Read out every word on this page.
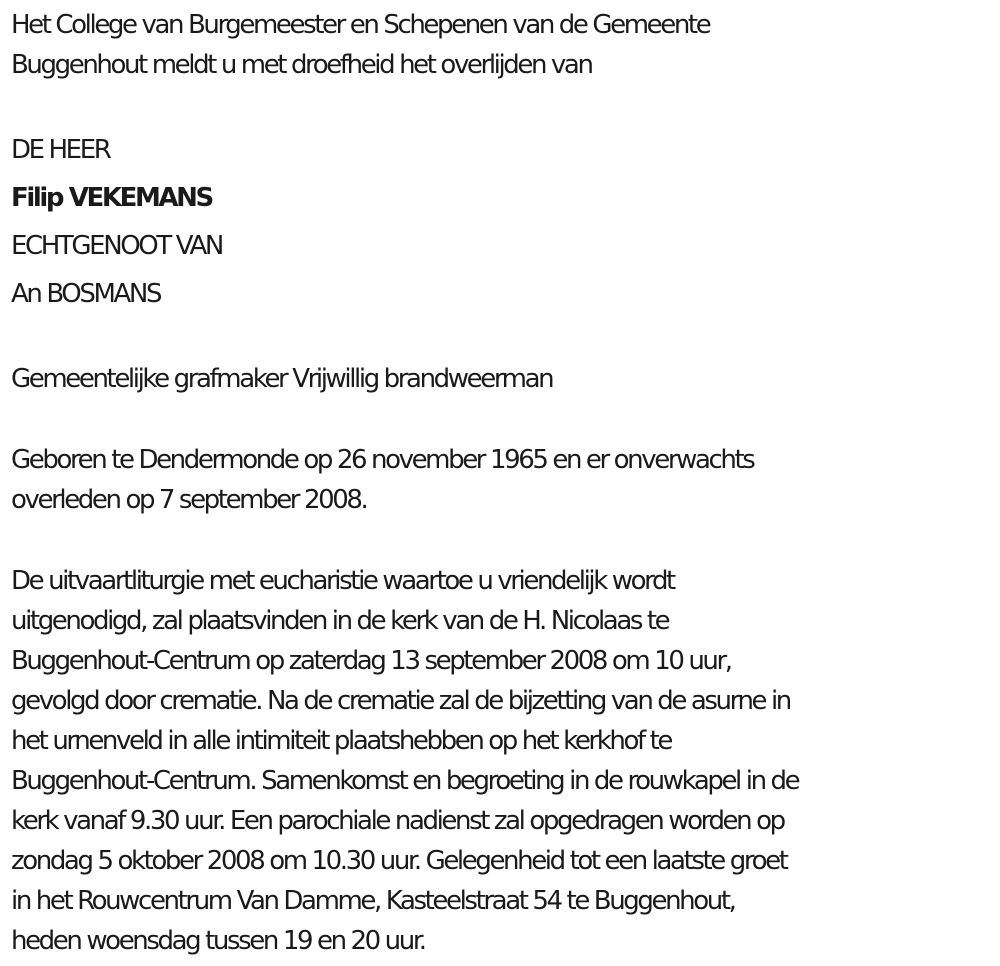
Het College van Burgemeester en Schepenen van de Gemeente
Buggenhout meldt u met droefheid het overlijden van
DE HEER
Filip VEKEMANS
ECHTGENOOT VAN
An BOSMANS
Gemeentelijke grafmaker Vrijwillig brandweerman
Geboren te Dendermonde op 26 november 1965 en er onverwachts
overleden op 7 september 2008.
De uitvaartliturgie met eucharistie waartoe u vriendelijk wordt
uitgenodigd, zal plaatsvinden in de kerk van de H. Nicolaas te
Buggenhout-Centrum op zaterdag 13 september 2008 om 10 uur,
gevolgd door crematie. Na de crematie zal de bijzetting van de asurne in
het urnenveld in alle intimiteit plaatshebben op het kerkhof te
Buggenhout-Centrum. Samenkomst en begroeting in de rouwkapel in de
kerk vanaf 9.30 uur. Een parochiale nadienst zal opgedragen worden op
zondag 5 oktober 2008 om 10.30 uur. Gelegenheid tot een laatste groet
in het Rouwcentrum Van Damme, Kasteelstraat 54 te Buggenhout,
heden woensdag tussen 19 en 20 uur.
